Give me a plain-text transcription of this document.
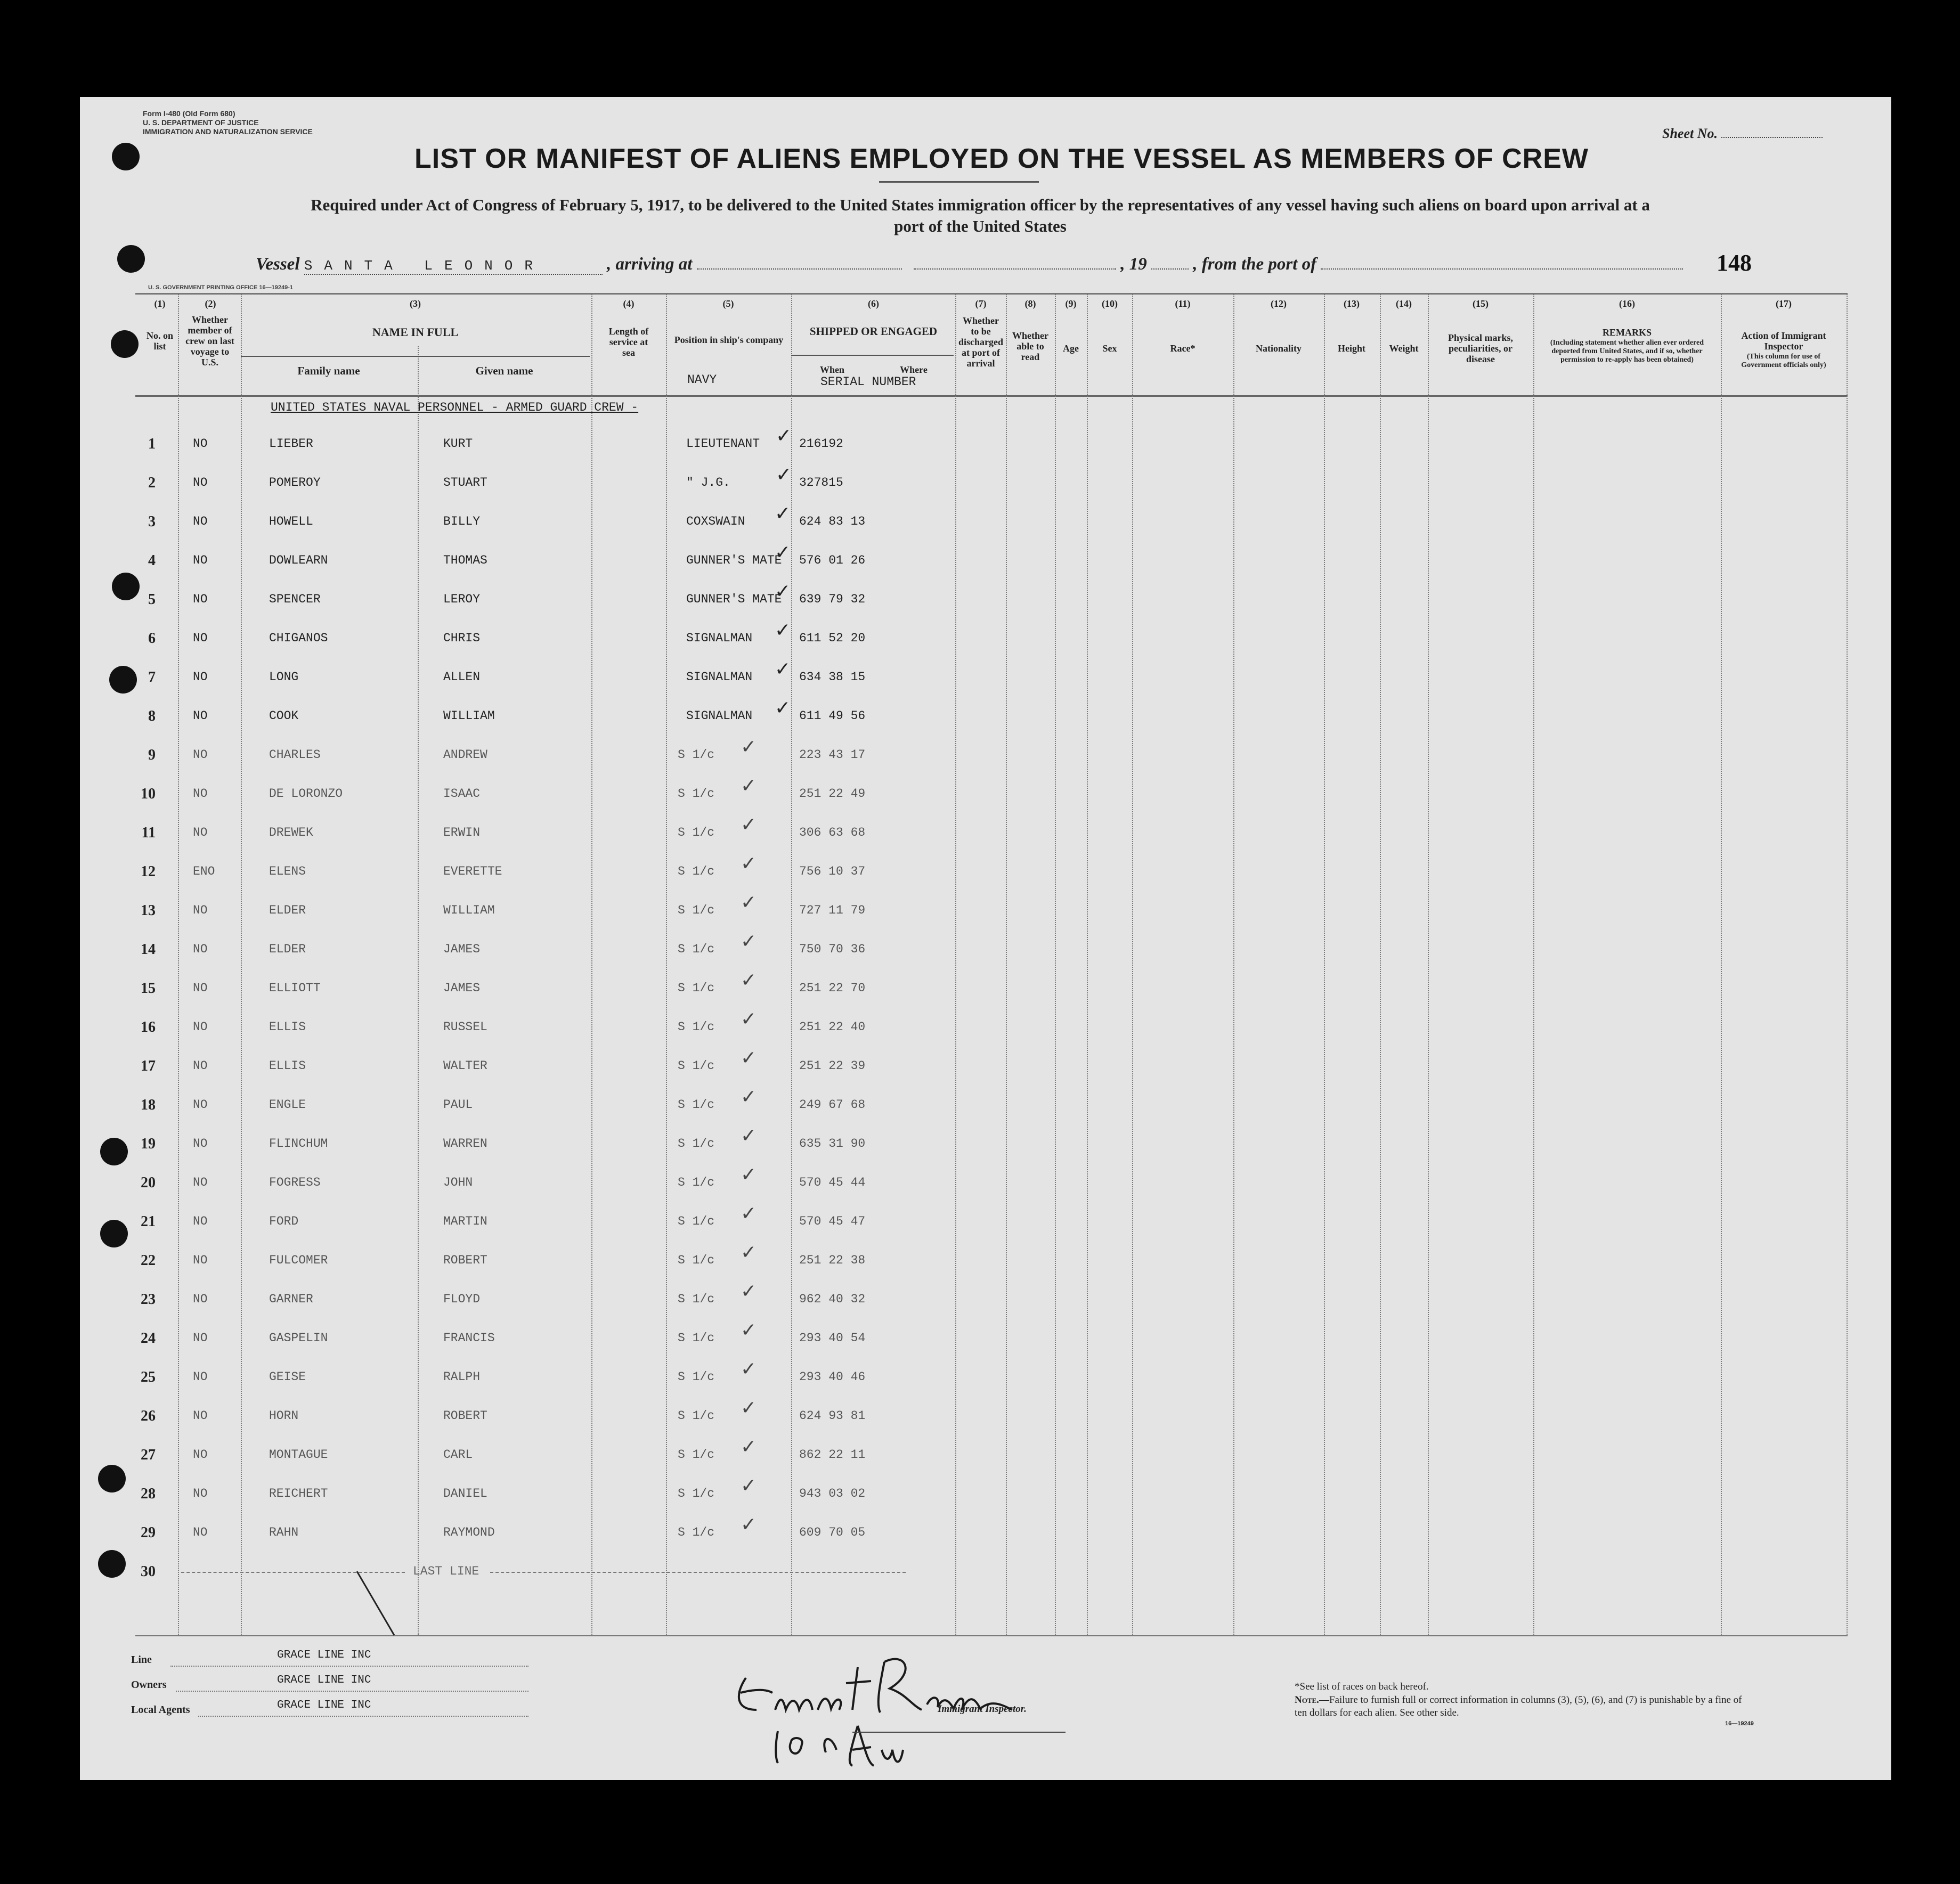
Form I-480 (Old Form 680)
U. S. DEPARTMENT OF JUSTICE
IMMIGRATION AND NATURALIZATION SERVICE	Sheet No.
LIST OR MANIFEST OF ALIENS EMPLOYED ON THE VESSEL AS MEMBERS OF CREW
Required under Act of Congress of February 5, 1917, to be delivered to the United States immigration officer by the representatives of any vessel having such aliens on board upon arrival at a
port of the United States
Vessel SANTA LEONOR	, arriving at	, 19	, from the port of	148
U. S. GOVERNMENT PRINTING OFFICE 16—19249-1
(1)
No. on list
(2)
Whether member of crew on last voyage to U.S.
(3)
NAME IN FULL
Family name	Given name
(4)
Length of service at sea
(5)
Position in ship's company
NAVY
(6)
SHIPPED OR ENGAGED
When	Where
SERIAL NUMBER
(7)
Whether to be discharged at port of arrival
(8)
Whether able to read
(9)
Age
(10)
Sex
(11)
Race*
(12)
Nationality
(13)
Height
(14)
Weight
(15)
Physical marks, peculiarities, or disease
(16)
REMARKS
(Including statement whether alien ever ordered deported from United States, and if so, whether permission to re-apply has been obtained)
(17)
Action of Immigrant Inspector
(This column for use of Government officials only)
UNITED STATES NAVAL PERSONNEL - ARMED GUARD CREW -
1	NO	LIEBER	KURT	LIEUTENANT	216192
✓
2	NO	POMEROY	STUART	" J.G.	327815
✓
3	NO	HOWELL	BILLY	COXSWAIN	624 83 13
✓
4	NO	DOWLEARN	THOMAS	GUNNER'S MATE 576 01 26
✓
5	NO	SPENCER	LEROY	GUNNER'S MATE 639 79 32
✓
6	NO	CHIGANOS	CHRIS	SIGNALMAN	611 52 20
✓
7	NO	LONG	ALLEN	SIGNALMAN	634 38 15
✓
8	NO	COOK	WILLIAM	SIGNALMAN	611 49 56
✓
9	NO	CHARLES	ANDREW	S 1/c	223 43 17
✓
10	NO	DE LORONZO	ISAAC	S 1/c	251 22 49
✓
11	NO	DREWEK	ERWIN	S 1/c	306 63 68
✓
12	ENO	ELENS	EVERETTE	S 1/c	756 10 37
✓
13	NO	ELDER	WILLIAM	S 1/c	727 11 79
✓
14	NO	ELDER	JAMES	S 1/c	750 70 36
✓
15	NO	ELLIOTT	JAMES	S 1/c	251 22 70
✓
16	NO	ELLIS	RUSSEL	S 1/c	251 22 40
✓
17	NO	ELLIS	WALTER	S 1/c	251 22 39
✓
18	NO	ENGLE	PAUL	S 1/c	249 67 68
✓
19	NO	FLINCHUM	WARREN	S 1/c	635 31 90
✓
20	NO	FOGRESS	JOHN	S 1/c	570 45 44
✓
21	NO	FORD	MARTIN	S 1/c	570 45 47
✓
22	NO	FULCOMER	ROBERT	S 1/c	251 22 38
✓
23	NO	GARNER	FLOYD	S 1/c	962 40 32
✓
24	NO	GASPELIN	FRANCIS	S 1/c	293 40 54
✓
25	NO	GEISE	RALPH	S 1/c	293 40 46
✓
26	NO	HORN	ROBERT	S 1/c	624 93 81
✓
27	NO	MONTAGUE	CARL	S 1/c	862 22 11
✓
28	NO	REICHERT	DANIEL	S 1/c	943 03 02
✓
29	NO	RAHN	RAYMOND	S 1/c	609 70 05
✓
30	LAST LINE
Line	GRACE LINE INC
Owners	GRACE LINE INC
Local Agents	GRACE LINE INC
Ernest Renson
10 00 Arv
Immigrant Inspector.
*See list of races on back hereof.
Note.—Failure to furnish full or correct information in columns (3), (5), (6), and (7) is punishable by a fine of ten dollars for each alien. See other side.
16—19249
